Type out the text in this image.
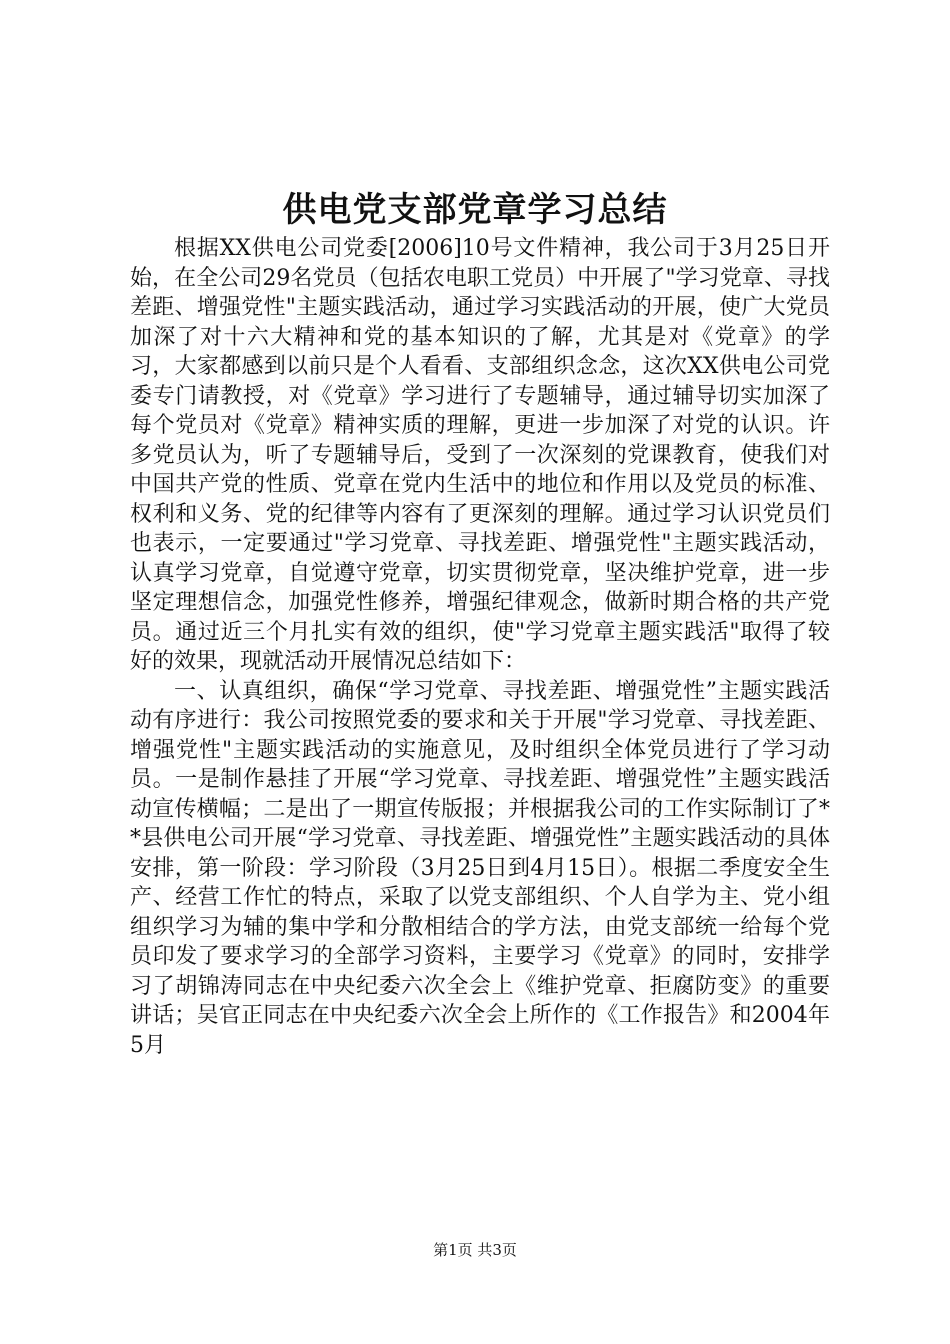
供电党支部党章学习总结

根据XX供电公司党委[2006]10号文件精神，我公司于3月25日开始，在全公司29名党员（包括农电职工党员）中开展了"学习党章、寻找差距、增强党性"主题实践活动，通过学习实践活动的开展，使广大党员加深了对十六大精神和党的基本知识的了解，尤其是对《党章》的学习，大家都感到以前只是个人看看、支部组织念念，这次XX供电公司党委专门请教授，对《党章》学习进行了专题辅导，通过辅导切实加深了每个党员对《党章》精神实质的理解，更进一步加深了对党的认识。许多党员认为，听了专题辅导后，受到了一次深刻的党课教育，使我们对中国共产党的性质、党章在党内生活中的地位和作用以及党员的标准、权利和义务、党的纪律等内容有了更深刻的理解。通过学习认识党员们也表示，一定要通过"学习党章、寻找差距、增强党性"主题实践活动，认真学习党章，自觉遵守党章，切实贯彻党章，坚决维护党章，进一步坚定理想信念，加强党性修养，增强纪律观念，做新时期合格的共产党员。通过近三个月扎实有效的组织，使"学习党章主题实践活"取得了较好的效果，现就活动开展情况总结如下：

一、认真组织，确保“学习党章、寻找差距、增强党性”主题实践活动有序进行：我公司按照党委的要求和关于开展"学习党章、寻找差距、增强党性"主题实践活动的实施意见，及时组织全体党员进行了学习动员。一是制作悬挂了开展“学习党章、寻找差距、增强党性”主题实践活动宣传横幅；二是出了一期宣传版报；并根据我公司的工作实际制订了**县供电公司开展“学习党章、寻找差距、增强党性”主题实践活动的具体安排，第一阶段：学习阶段（3月25日到4月15日）。根据二季度安全生产、经营工作忙的特点，采取了以党支部组织、个人自学为主、党小组组织学习为辅的集中学和分散相结合的学方法，由党支部统一给每个党员印发了要求学习的全部学习资料，主要学习《党章》的同时，安排学习了胡锦涛同志在中央纪委六次全会上《维护党章、拒腐防变》的重要讲话；吴官正同志在中央纪委六次全会上所作的《工作报告》和2004年5月

第1页 共3页
